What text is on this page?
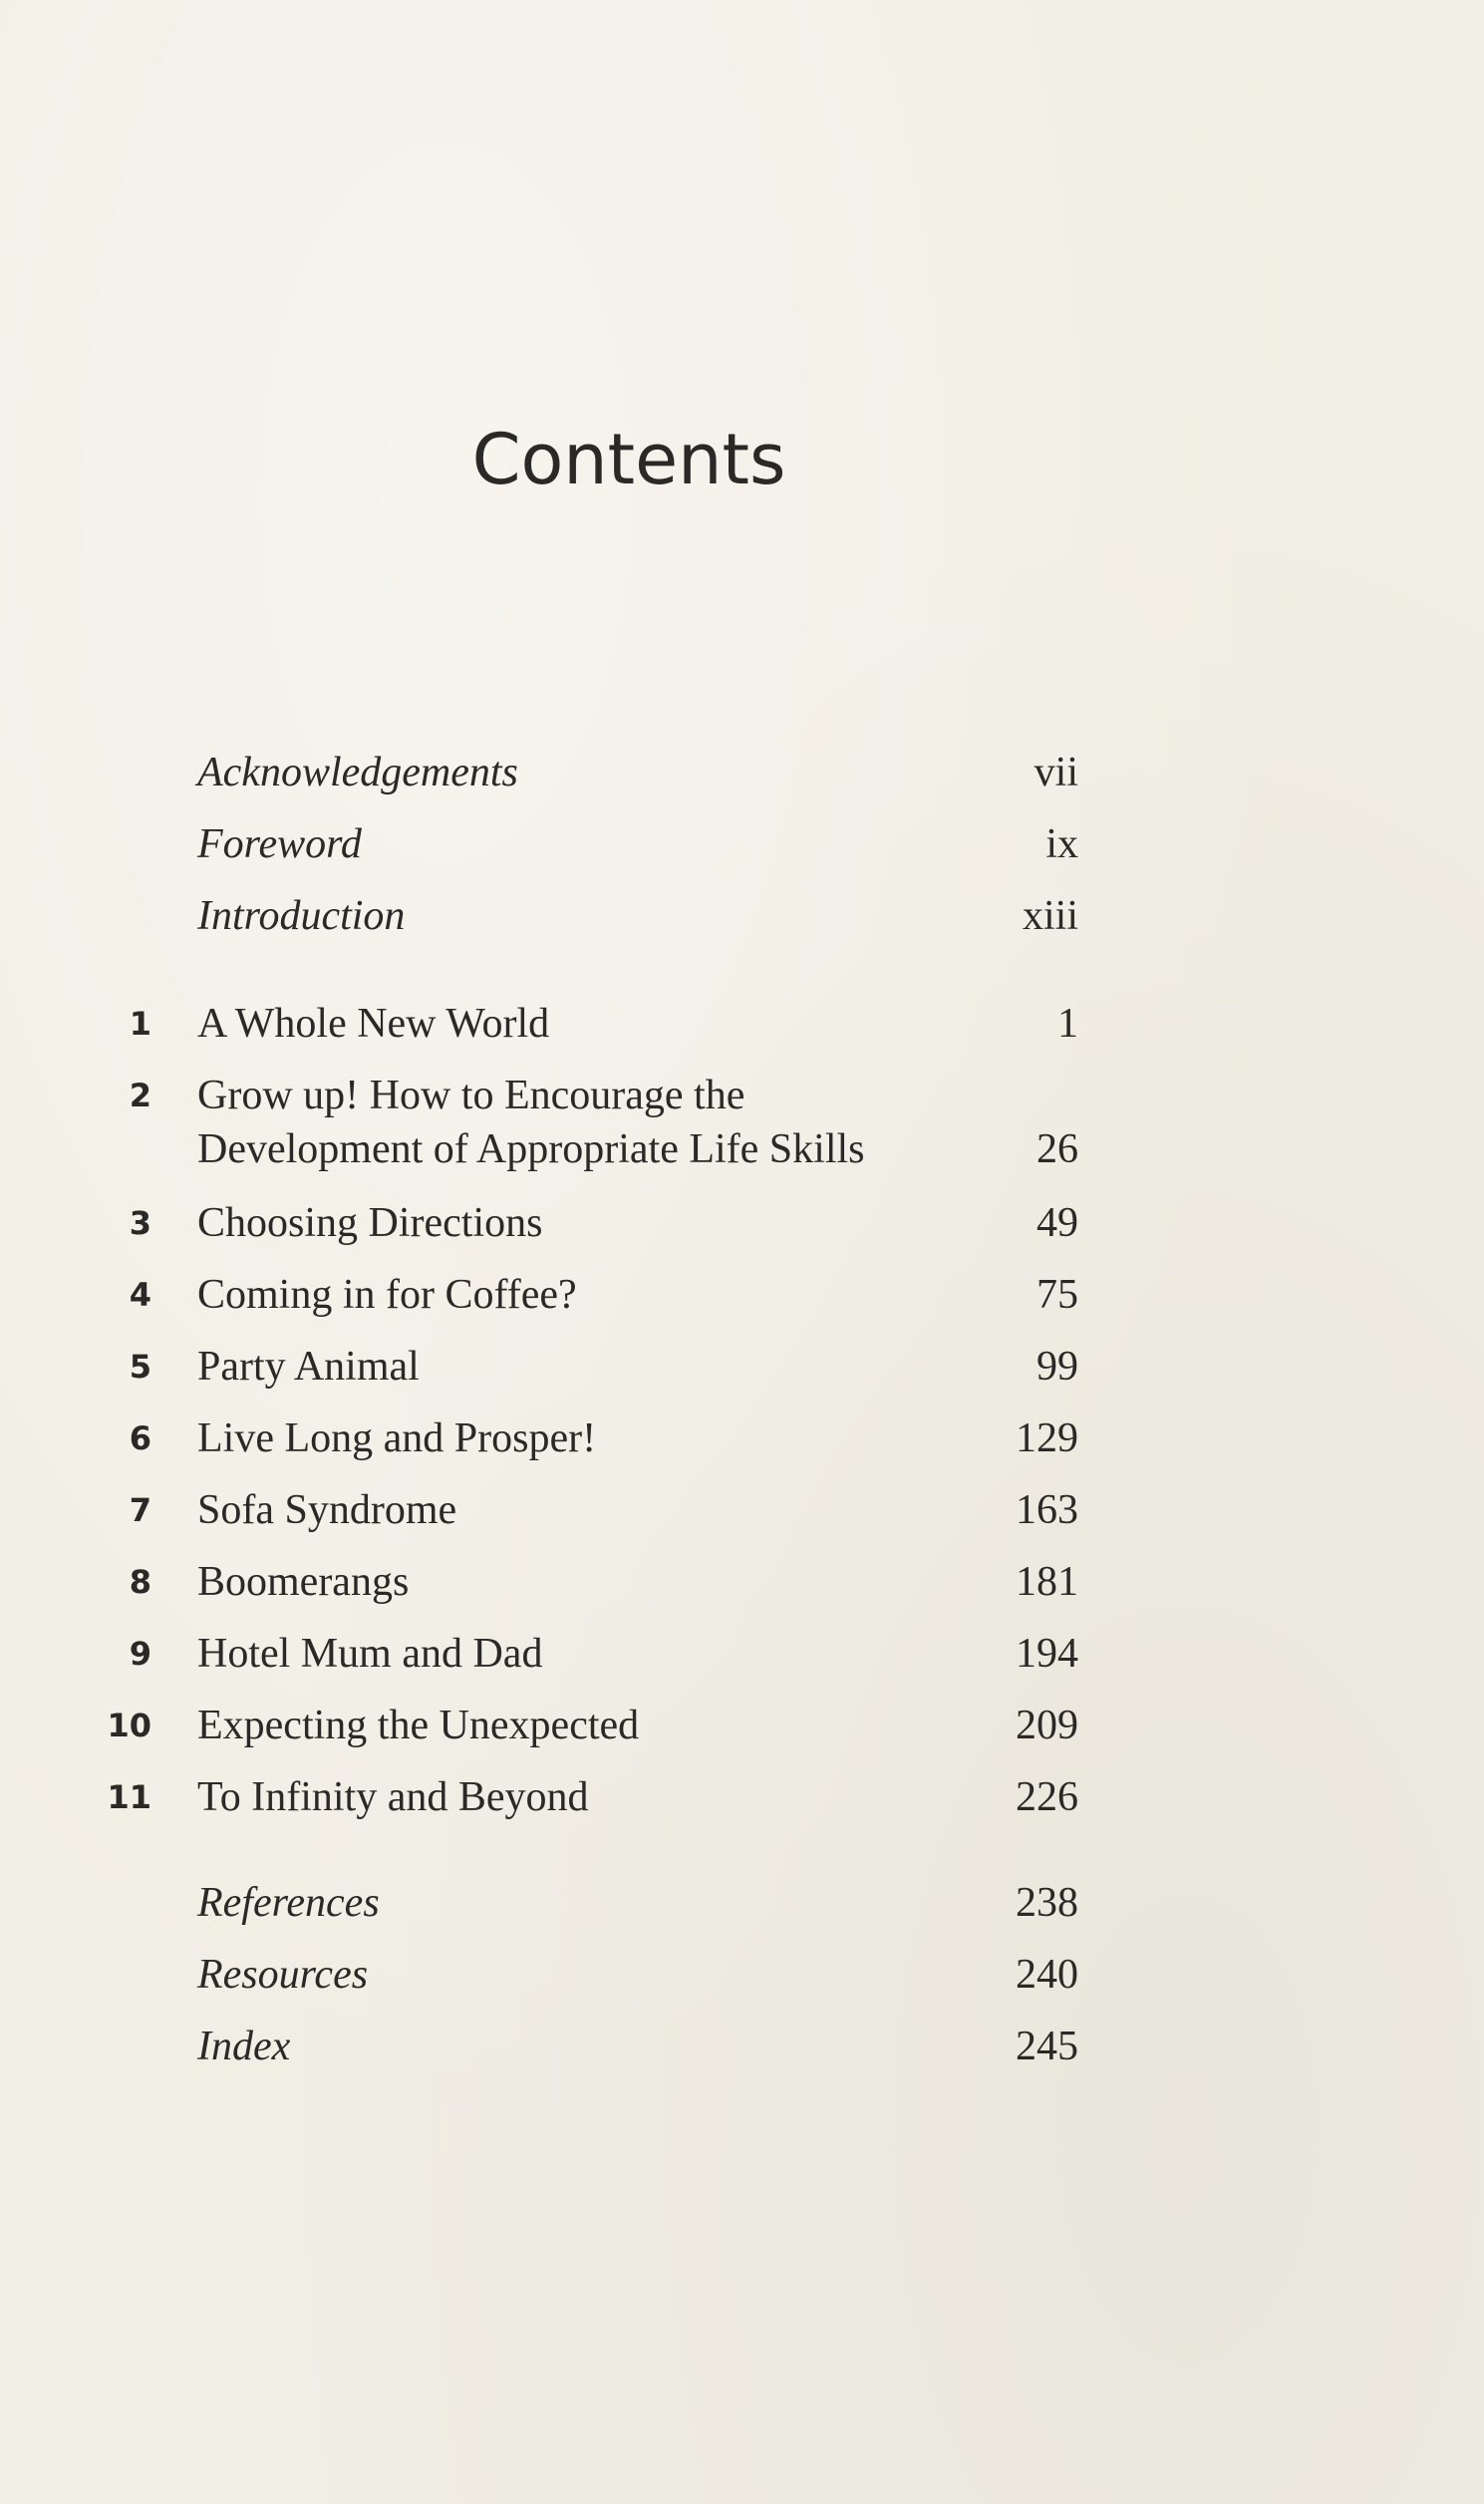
Contents
Acknowledgements	vii
Foreword	ix
Introduction	xiii
1 A Whole New World	1
2 Grow up! How to Encourage the
Development of Appropriate Life Skills	26
3 Choosing Directions	49
4 Coming in for Coffee?	75
5 Party Animal	99
6 Live Long and Prosper!	129
7 Sofa Syndrome	163
8 Boomerangs	181
9 Hotel Mum and Dad	194
10 Expecting the Unexpected	209
11 To Infinity and Beyond	226
References	238
Resources	240
Index	245
